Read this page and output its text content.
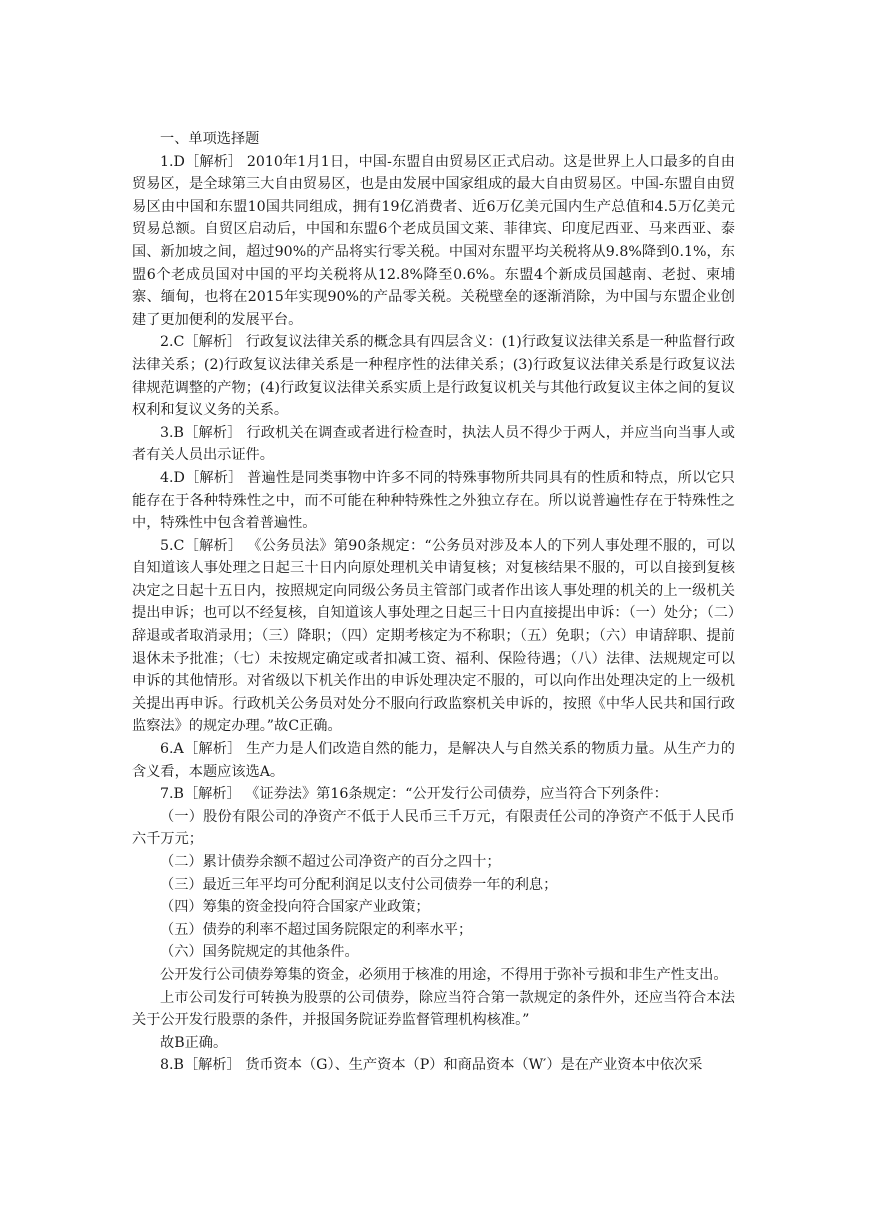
一、单项选择题

1.D［解析］ 2010年1月1日，中国-东盟自由贸易区正式启动。这是世界上人口最多的自由贸易区，是全球第三大自由贸易区，也是由发展中国家组成的最大自由贸易区。中国-东盟自由贸易区由中国和东盟10国共同组成，拥有19亿消费者、近6万亿美元国内生产总值和4.5万亿美元贸易总额。自贸区启动后，中国和东盟6个老成员国文莱、菲律宾、印度尼西亚、马来西亚、泰国、新加坡之间，超过90%的产品将实行零关税。中国对东盟平均关税将从9.8%降到0.1%，东盟6个老成员国对中国的平均关税将从12.8%降至0.6%。东盟4个新成员国越南、老挝、柬埔寨、缅甸，也将在2015年实现90%的产品零关税。关税壁垒的逐渐消除，为中国与东盟企业创建了更加便利的发展平台。

2.C［解析］ 行政复议法律关系的概念具有四层含义：(1)行政复议法律关系是一种监督行政法律关系；(2)行政复议法律关系是一种程序性的法律关系；(3)行政复议法律关系是行政复议法律规范调整的产物；(4)行政复议法律关系实质上是行政复议机关与其他行政复议主体之间的复议权利和复议义务的关系。

3.B［解析］ 行政机关在调查或者进行检查时，执法人员不得少于两人，并应当向当事人或者有关人员出示证件。

4.D［解析］ 普遍性是同类事物中许多不同的特殊事物所共同具有的性质和特点，所以它只能存在于各种特殊性之中，而不可能在种种特殊性之外独立存在。所以说普遍性存在于特殊性之中，特殊性中包含着普遍性。

5.C［解析］ 《公务员法》第90条规定：“公务员对涉及本人的下列人事处理不服的，可以自知道该人事处理之日起三十日内向原处理机关申请复核；对复核结果不服的，可以自接到复核决定之日起十五日内，按照规定向同级公务员主管部门或者作出该人事处理的机关的上一级机关提出申诉；也可以不经复核，自知道该人事处理之日起三十日内直接提出申诉：（一）处分；（二）辞退或者取消录用；（三）降职；（四）定期考核定为不称职；（五）免职；（六）申请辞职、提前退休未予批准；（七）未按规定确定或者扣减工资、福利、保险待遇；（八）法律、法规规定可以申诉的其他情形。对省级以下机关作出的申诉处理决定不服的，可以向作出处理决定的上一级机关提出再申诉。行政机关公务员对处分不服向行政监察机关申诉的，按照《中华人民共和国行政监察法》的规定办理。”故C正确。

6.A［解析］ 生产力是人们改造自然的能力，是解决人与自然关系的物质力量。从生产力的含义看，本题应该选A。

7.B［解析］ 《证券法》第16条规定：“公开发行公司债券，应当符合下列条件：

（一）股份有限公司的净资产不低于人民币三千万元，有限责任公司的净资产不低于人民币六千万元；

（二）累计债券余额不超过公司净资产的百分之四十；

（三）最近三年平均可分配利润足以支付公司债券一年的利息；

（四）筹集的资金投向符合国家产业政策；

（五）债券的利率不超过国务院限定的利率水平；

（六）国务院规定的其他条件。

公开发行公司债券筹集的资金，必须用于核准的用途，不得用于弥补亏损和非生产性支出。

上市公司发行可转换为股票的公司债券，除应当符合第一款规定的条件外，还应当符合本法关于公开发行股票的条件，并报国务院证券监督管理机构核准。”

故B正确。

8.B［解析］ 货币资本（G）、生产资本（P）和商品资本（W′）是在产业资本中依次采
